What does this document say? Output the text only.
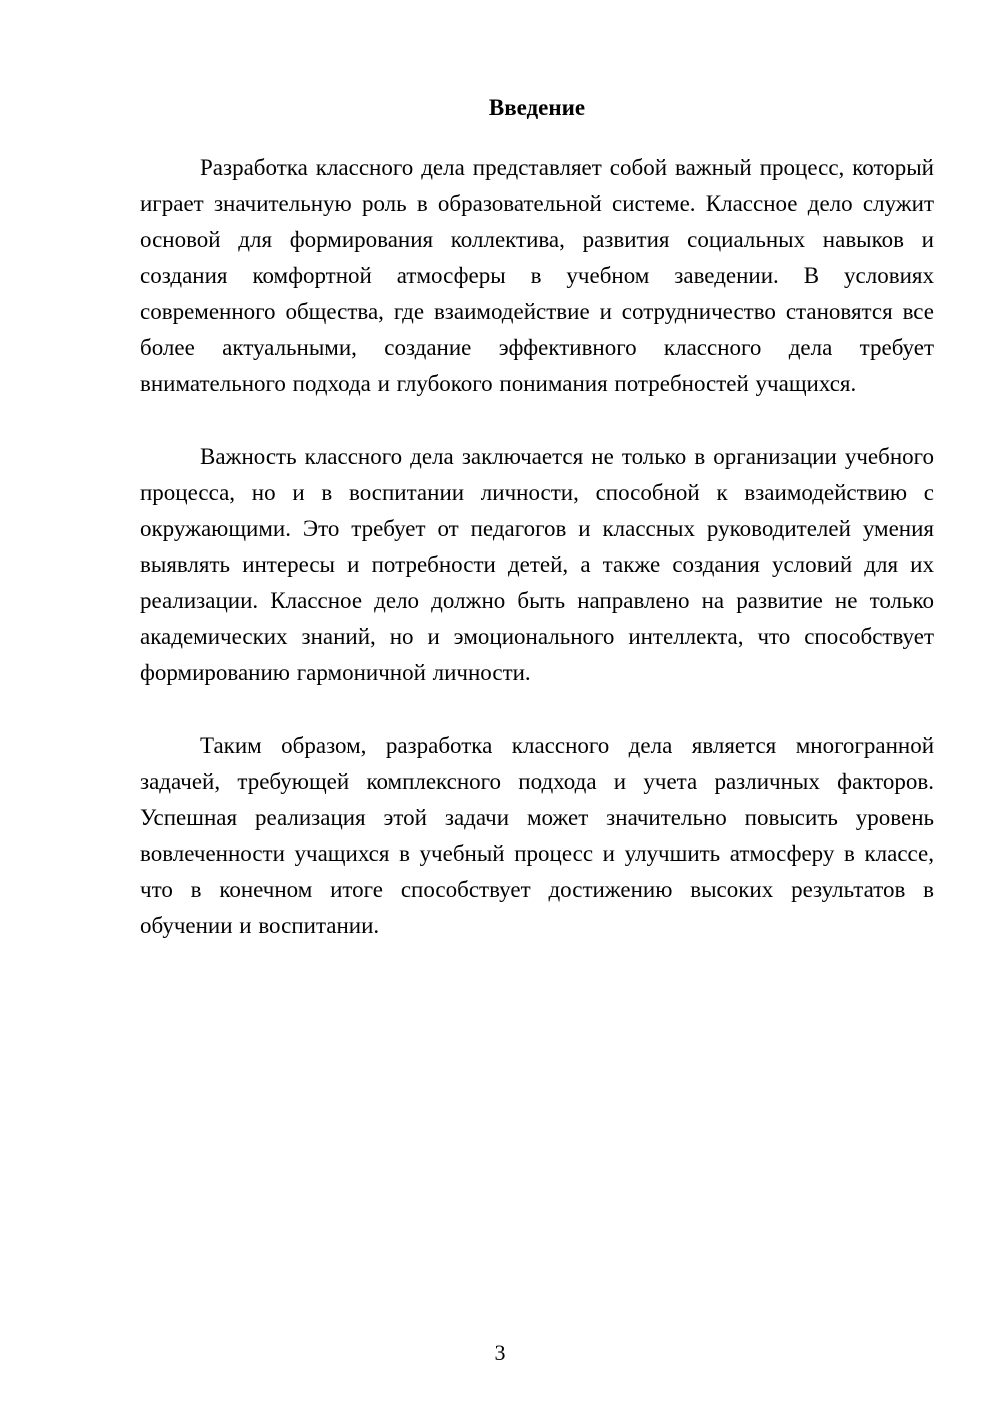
Введение

Разработка классного дела представляет собой важный процесс, который играет значительную роль в образовательной системе. Классное дело служит основой для формирования коллектива, развития социальных навыков и создания комфортной атмосферы в учебном заведении. В условиях современного общества, где взаимодействие и сотрудничество становятся все более актуальными, создание эффективного классного дела требует внимательного подхода и глубокого понимания потребностей учащихся.

Важность классного дела заключается не только в организации учебного процесса, но и в воспитании личности, способной к взаимодействию с окружающими. Это требует от педагогов и классных руководителей умения выявлять интересы и потребности детей, а также создания условий для их реализации. Классное дело должно быть направлено на развитие не только академических знаний, но и эмоционального интеллекта, что способствует формированию гармоничной личности.

Таким образом, разработка классного дела является многогранной задачей, требующей комплексного подхода и учета различных факторов. Успешная реализация этой задачи может значительно повысить уровень вовлеченности учащихся в учебный процесс и улучшить атмосферу в классе, что в конечном итоге способствует достижению высоких результатов в обучении и воспитании.

3
